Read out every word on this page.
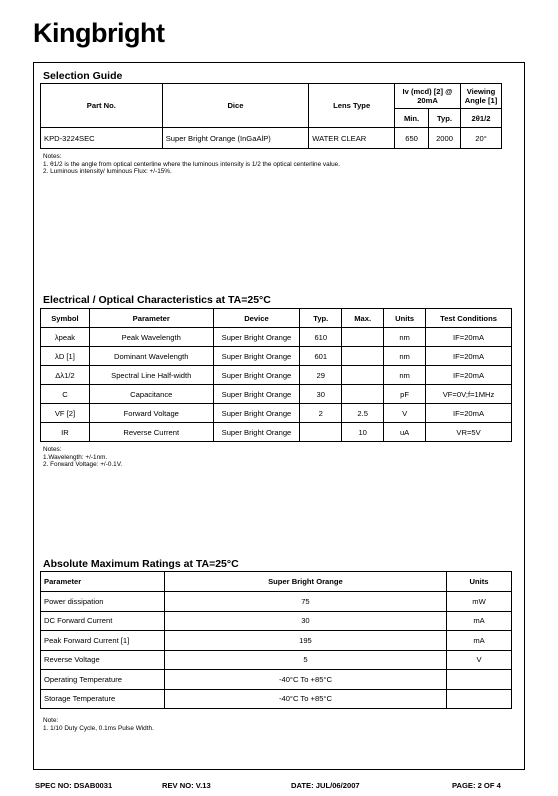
Kingbright
Selection Guide
Part No.	Dice	Lens Type	Iv (mcd) [2] @ 20mA		Viewing Angle [1]
			Min.	Typ.	2θ1/2
KPD-3224SEC	Super Bright Orange (InGaAlP)	WATER CLEAR	650	2000	20°
Notes:
1. θ1/2 is the angle from optical centerline where the luminous intensity is 1/2 the optical centerline value.
2. Luminous intensity/ luminous Flux: +/-15%.
Electrical / Optical Characteristics at TA=25°C
Symbol	Parameter	Device	Typ.	Max.	Units	Test Conditions
λpeak	Peak Wavelength	Super Bright Orange	610		nm	IF=20mA
λD [1]	Dominant Wavelength	Super Bright Orange	601		nm	IF=20mA
Δλ1/2	Spectral Line Half-width	Super Bright Orange	29		nm	IF=20mA
C	Capacitance	Super Bright Orange	30		pF	VF=0V;f=1MHz
VF [2]	Forward Voltage	Super Bright Orange	2	2.5	V	IF=20mA
IR	Reverse Current	Super Bright Orange		10	uA	VR=5V
Notes:
1.Wavelength: +/-1nm.
2. Forward Voltage: +/-0.1V.
Absolute Maximum Ratings at TA=25°C
Parameter	Super Bright Orange	Units
Power dissipation	75	mW
DC Forward Current	30	mA
Peak Forward Current [1]	195	mA
Reverse Voltage	5	V
Operating Temperature	-40°C To +85°C	
Storage Temperature	-40°C To +85°C	
Note:
1. 1/10 Duty Cycle, 0.1ms Pulse Width.
SPEC NO: DSAB0031	REV NO: V.13	DATE: JUL/06/2007	PAGE: 2 OF 4
